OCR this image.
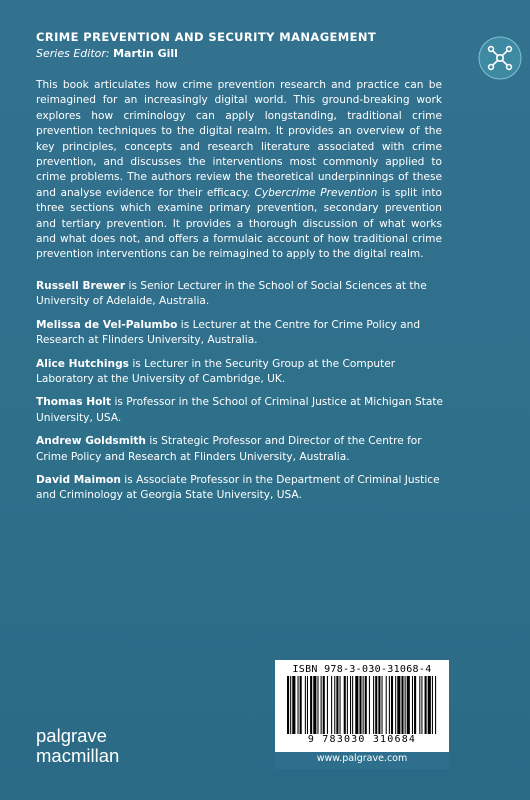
CRIME PREVENTION AND SECURITY MANAGEMENT
Series Editor: Martin Gill

This book articulates how crime prevention research and practice can be reimagined for an increasingly digital world. This ground-breaking work explores how criminology can apply longstanding, traditional crime prevention techniques to the digital realm. It provides an overview of the key principles, concepts and research literature associated with crime prevention, and discusses the interventions most commonly applied to crime problems. The authors review the theoretical underpinnings of these and analyse evidence for their efficacy. Cybercrime Prevention is split into three sections which examine primary prevention, secondary prevention and tertiary prevention. It provides a thorough discussion of what works and what does not, and offers a formulaic account of how traditional crime prevention interventions can be reimagined to apply to the digital realm.

Russell Brewer is Senior Lecturer in the School of Social Sciences at the University of Adelaide, Australia.

Melissa de Vel-Palumbo is Lecturer at the Centre for Crime Policy and Research at Flinders University, Australia.

Alice Hutchings is Lecturer in the Security Group at the Computer Laboratory at the University of Cambridge, UK.

Thomas Holt is Professor in the School of Criminal Justice at Michigan State University, USA.

Andrew Goldsmith is Strategic Professor and Director of the Centre for Crime Policy and Research at Flinders University, Australia.

David Maimon is Associate Professor in the Department of Criminal Justice and Criminology at Georgia State University, USA.

palgrave
macmillan
ISBN 978-3-030-31068-4
9 783030 310684
www.palgrave.com
